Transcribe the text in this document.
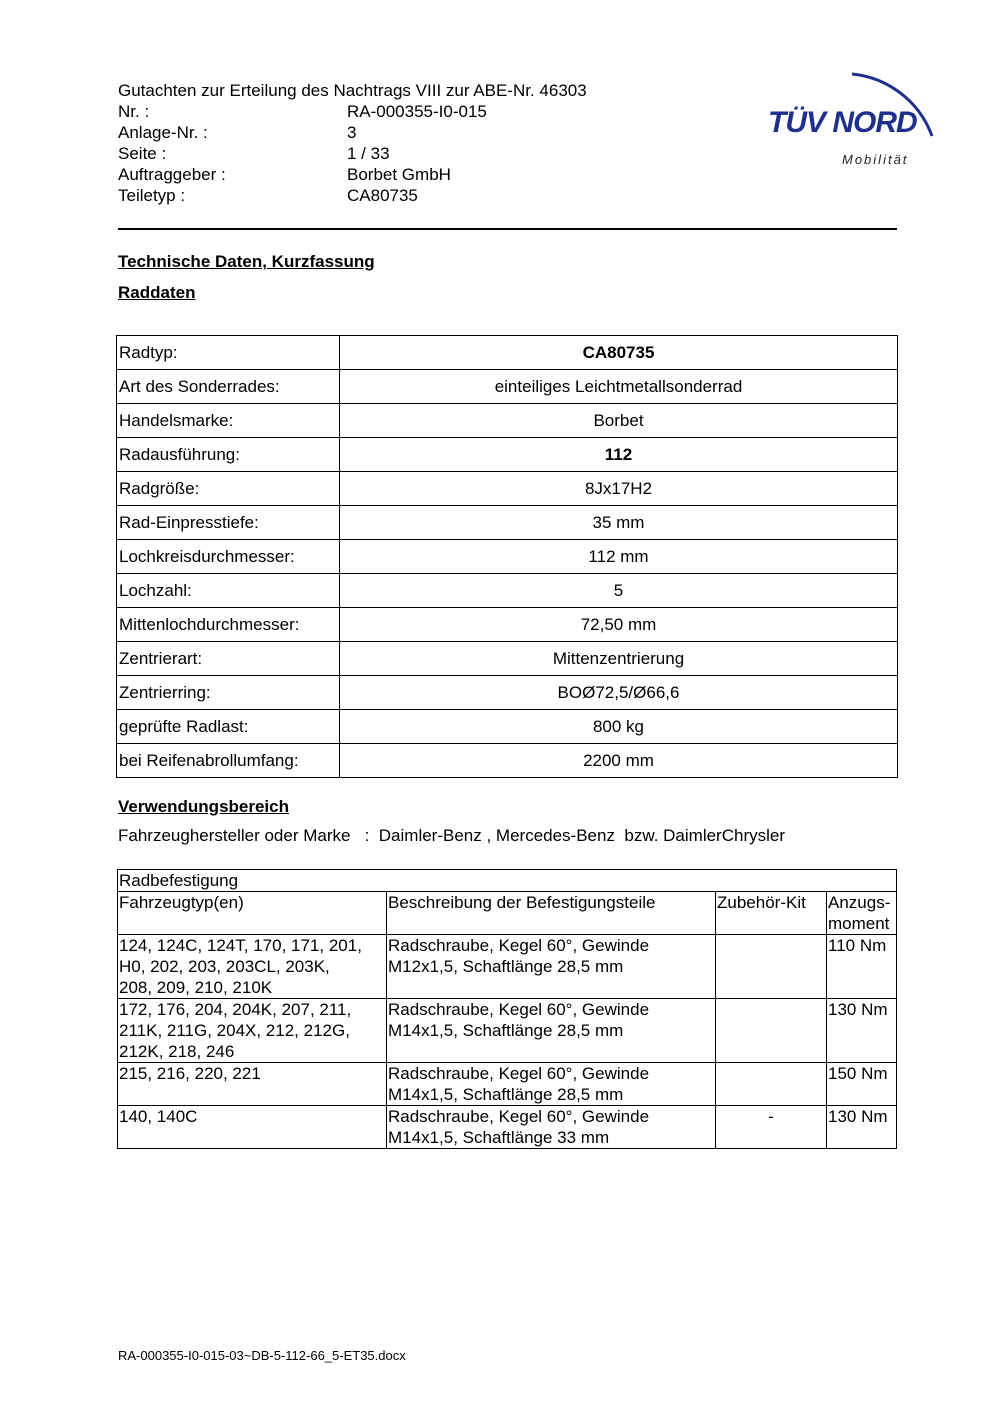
Gutachten zur Erteilung des Nachtrags VIII zur ABE-Nr. 46303
Nr. :	RA-000355-I0-015
Anlage-Nr. :	3
Seite :	1 / 33
Auftraggeber :	Borbet GmbH
Teiletyp :	CA80735
TÜV NORD
Mobilität
Technische Daten, Kurzfassung
Raddaten
Radtyp:	CA80735
Art des Sonderrades:	einteiliges Leichtmetallsonderrad
Handelsmarke:	Borbet
Radausführung:	112
Radgröße:	8Jx17H2
Rad-Einpresstiefe:	35 mm
Lochkreisdurchmesser:	112 mm
Lochzahl:	5
Mittenlochdurchmesser:	72,50 mm
Zentrierart:	Mittenzentrierung
Zentrierring:	BOØ72,5/Ø66,6
geprüfte Radlast:	800 kg
bei Reifenabrollumfang:	2200 mm
Verwendungsbereich
Fahrzeughersteller oder Marke   :  Daimler-Benz , Mercedes-Benz  bzw. DaimlerChrysler
Radbefestigung			
Fahrzeugtyp(en)	Beschreibung der Befestigungsteile	Zubehör-Kit	Anzugs-
moment
124, 124C, 124T, 170, 171, 201,
H0, 202, 203, 203CL, 203K,
208, 209, 210, 210K	Radschraube, Kegel 60°, Gewinde
M12x1,5, Schaftlänge 28,5 mm		110 Nm
172, 176, 204, 204K, 207, 211,
211K, 211G, 204X, 212, 212G,
212K, 218, 246	Radschraube, Kegel 60°, Gewinde
M14x1,5, Schaftlänge 28,5 mm		130 Nm
215, 216, 220, 221	Radschraube, Kegel 60°, Gewinde
M14x1,5, Schaftlänge 28,5 mm		150 Nm
140, 140C	Radschraube, Kegel 60°, Gewinde
M14x1,5, Schaftlänge 33 mm	-	130 Nm
RA-000355-I0-015-03~DB-5-112-66_5-ET35.docx
